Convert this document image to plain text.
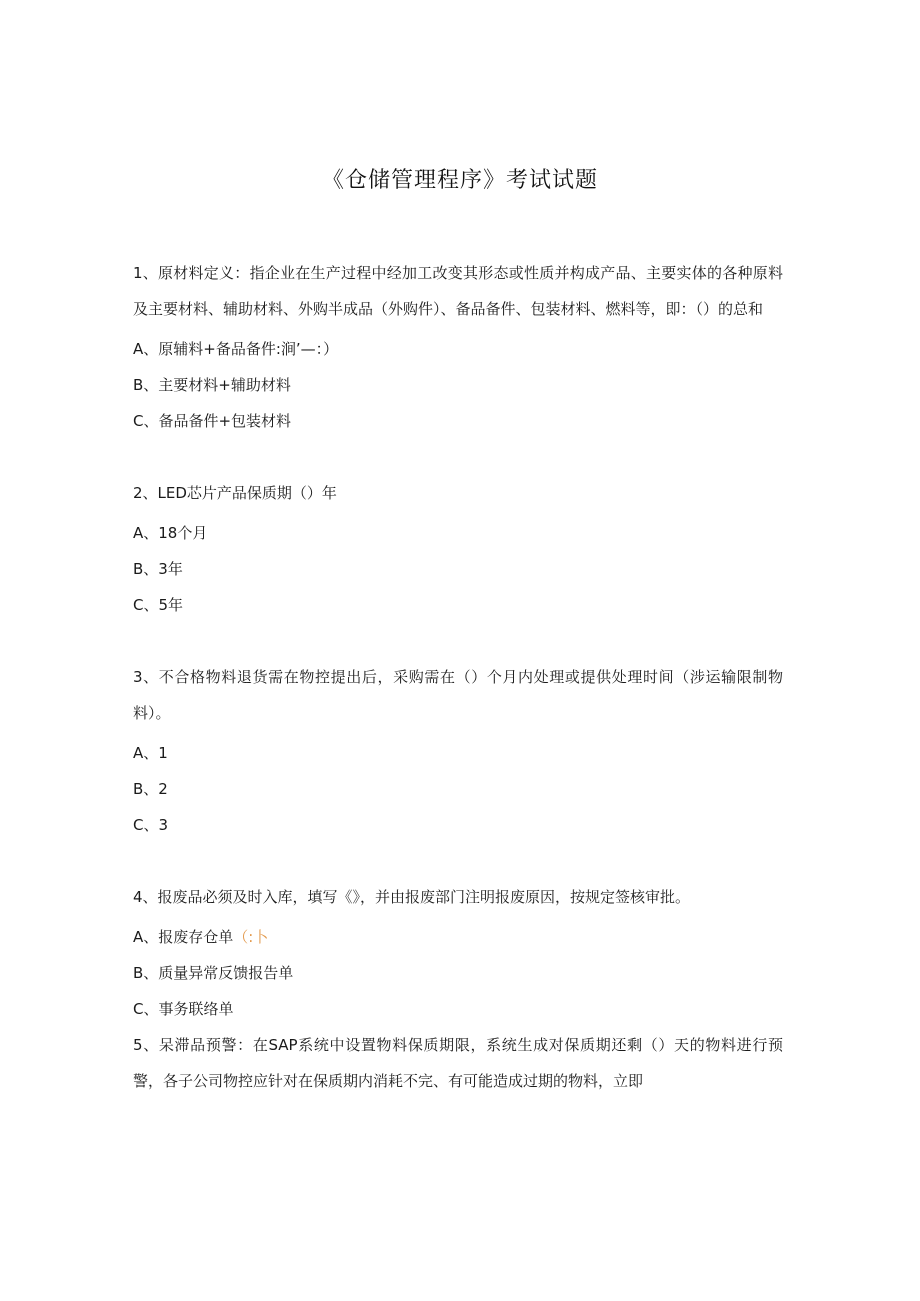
《仓储管理程序》考试试题

1、原材料定义：指企业在生产过程中经加工改变其形态或性质并构成产品、主要实体的各种原料及主要材料、辅助材料、外购半成品（外购件）、备品备件、包装材料、燃料等，即：（）的总和

A、原辅料+备品备件:涧’—：）
B、主要材料+辅助材料
C、备品备件+包装材料

2、LED芯片产品保质期（）年

A、18个月
B、3年
C、5年

3、不合格物料退货需在物控提出后，采购需在（）个月内处理或提供处理时间（涉运输限制物料）。

A、1
B、2
C、3

4、报废品必须及时入库，填写《》，并由报废部门注明报废原因，按规定签核审批。

A、报废存仓单（:卜
B、质量异常反馈报告单
C、事务联络单

5、呆滞品预警：在SAP系统中设置物料保质期限，系统生成对保质期还剩（）天的物料进行预警，各子公司物控应针对在保质期内消耗不完、有可能造成过期的物料，立即
